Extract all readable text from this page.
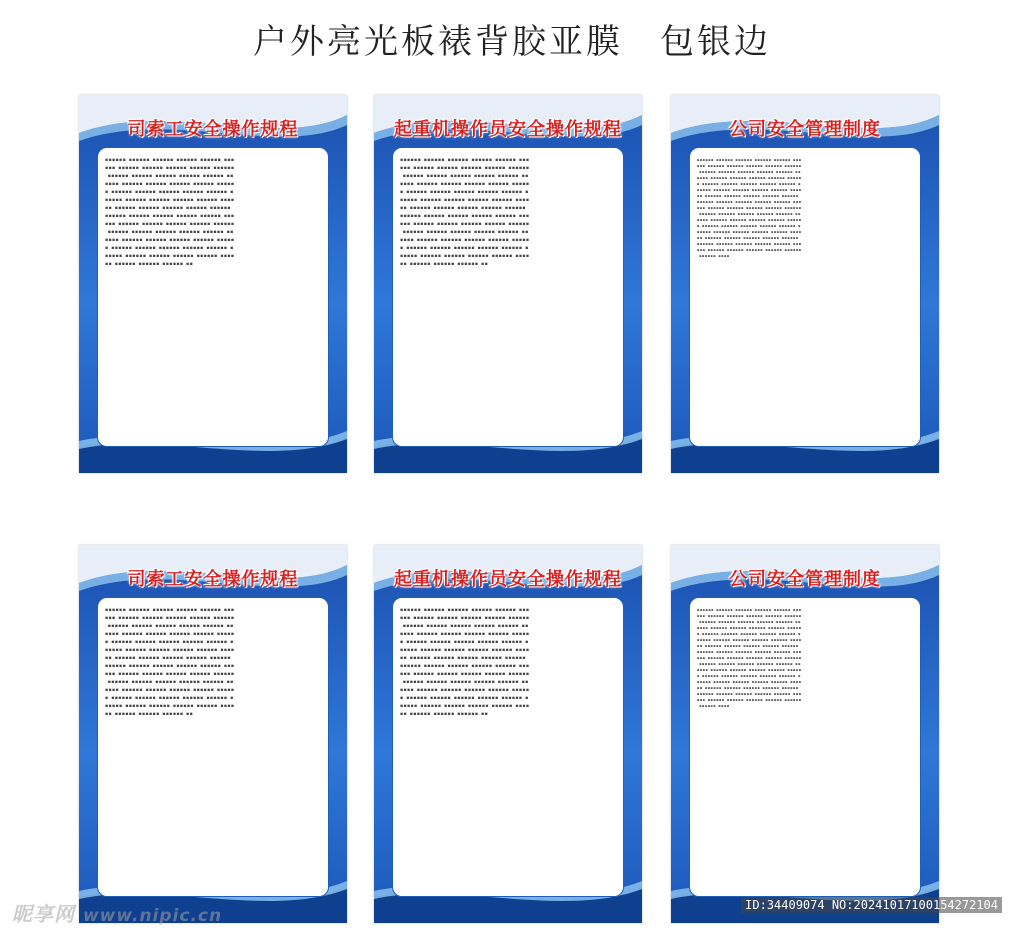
户外亮光板裱背胶亚膜　包银边
司索工安全操作规程
▪▪▪▪▪▪ ▪▪▪▪▪▪ ▪▪▪▪▪▪ ▪▪▪▪▪▪ ▪▪▪▪▪▪ ▪▪▪
▪▪▪ ▪▪▪▪▪▪ ▪▪▪▪▪▪ ▪▪▪▪▪▪ ▪▪▪▪▪▪ ▪▪▪▪▪▪
 ▪▪▪▪▪▪ ▪▪▪▪▪▪ ▪▪▪▪▪▪ ▪▪▪▪▪▪ ▪▪▪▪▪▪ ▪▪
▪▪▪▪ ▪▪▪▪▪▪ ▪▪▪▪▪▪ ▪▪▪▪▪▪ ▪▪▪▪▪▪ ▪▪▪▪▪
▪ ▪▪▪▪▪▪ ▪▪▪▪▪▪ ▪▪▪▪▪▪ ▪▪▪▪▪▪ ▪▪▪▪▪▪ ▪
▪▪▪▪▪ ▪▪▪▪▪▪ ▪▪▪▪▪▪ ▪▪▪▪▪▪ ▪▪▪▪▪▪ ▪▪▪▪
▪▪ ▪▪▪▪▪▪ ▪▪▪▪▪▪ ▪▪▪▪▪▪ ▪▪▪▪▪▪ ▪▪▪▪▪▪ 
▪▪▪▪▪▪ ▪▪▪▪▪▪ ▪▪▪▪▪▪ ▪▪▪▪▪▪ ▪▪▪▪▪▪ ▪▪▪
▪▪▪ ▪▪▪▪▪▪ ▪▪▪▪▪▪ ▪▪▪▪▪▪ ▪▪▪▪▪▪ ▪▪▪▪▪▪
 ▪▪▪▪▪▪ ▪▪▪▪▪▪ ▪▪▪▪▪▪ ▪▪▪▪▪▪ ▪▪▪▪▪▪ ▪▪
▪▪▪▪ ▪▪▪▪▪▪ ▪▪▪▪▪▪ ▪▪▪▪▪▪ ▪▪▪▪▪▪ ▪▪▪▪▪
▪ ▪▪▪▪▪▪ ▪▪▪▪▪▪ ▪▪▪▪▪▪ ▪▪▪▪▪▪ ▪▪▪▪▪▪ ▪
▪▪▪▪▪ ▪▪▪▪▪▪ ▪▪▪▪▪▪ ▪▪▪▪▪▪ ▪▪▪▪▪▪ ▪▪▪▪
▪▪ ▪▪▪▪▪▪ ▪▪▪▪▪▪ ▪▪▪▪▪▪ ▪▪
起重机操作员安全操作规程
▪▪▪▪▪▪ ▪▪▪▪▪▪ ▪▪▪▪▪▪ ▪▪▪▪▪▪ ▪▪▪▪▪▪ ▪▪▪
▪▪▪ ▪▪▪▪▪▪ ▪▪▪▪▪▪ ▪▪▪▪▪▪ ▪▪▪▪▪▪ ▪▪▪▪▪▪
 ▪▪▪▪▪▪ ▪▪▪▪▪▪ ▪▪▪▪▪▪ ▪▪▪▪▪▪ ▪▪▪▪▪▪ ▪▪
▪▪▪▪ ▪▪▪▪▪▪ ▪▪▪▪▪▪ ▪▪▪▪▪▪ ▪▪▪▪▪▪ ▪▪▪▪▪
▪ ▪▪▪▪▪▪ ▪▪▪▪▪▪ ▪▪▪▪▪▪ ▪▪▪▪▪▪ ▪▪▪▪▪▪ ▪
▪▪▪▪▪ ▪▪▪▪▪▪ ▪▪▪▪▪▪ ▪▪▪▪▪▪ ▪▪▪▪▪▪ ▪▪▪▪
▪▪ ▪▪▪▪▪▪ ▪▪▪▪▪▪ ▪▪▪▪▪▪ ▪▪▪▪▪▪ ▪▪▪▪▪▪ 
▪▪▪▪▪▪ ▪▪▪▪▪▪ ▪▪▪▪▪▪ ▪▪▪▪▪▪ ▪▪▪▪▪▪ ▪▪▪
▪▪▪ ▪▪▪▪▪▪ ▪▪▪▪▪▪ ▪▪▪▪▪▪ ▪▪▪▪▪▪ ▪▪▪▪▪▪
 ▪▪▪▪▪▪ ▪▪▪▪▪▪ ▪▪▪▪▪▪ ▪▪▪▪▪▪ ▪▪▪▪▪▪ ▪▪
▪▪▪▪ ▪▪▪▪▪▪ ▪▪▪▪▪▪ ▪▪▪▪▪▪ ▪▪▪▪▪▪ ▪▪▪▪▪
▪ ▪▪▪▪▪▪ ▪▪▪▪▪▪ ▪▪▪▪▪▪ ▪▪▪▪▪▪ ▪▪▪▪▪▪ ▪
▪▪▪▪▪ ▪▪▪▪▪▪ ▪▪▪▪▪▪ ▪▪▪▪▪▪ ▪▪▪▪▪▪ ▪▪▪▪
▪▪ ▪▪▪▪▪▪ ▪▪▪▪▪▪ ▪▪▪▪▪▪ ▪▪
公司安全管理制度
▪▪▪▪▪▪ ▪▪▪▪▪▪ ▪▪▪▪▪▪ ▪▪▪▪▪▪ ▪▪▪▪▪▪ ▪▪▪
▪▪▪ ▪▪▪▪▪▪ ▪▪▪▪▪▪ ▪▪▪▪▪▪ ▪▪▪▪▪▪ ▪▪▪▪▪▪
 ▪▪▪▪▪▪ ▪▪▪▪▪▪ ▪▪▪▪▪▪ ▪▪▪▪▪▪ ▪▪▪▪▪▪ ▪▪
▪▪▪▪ ▪▪▪▪▪▪ ▪▪▪▪▪▪ ▪▪▪▪▪▪ ▪▪▪▪▪▪ ▪▪▪▪▪
▪ ▪▪▪▪▪▪ ▪▪▪▪▪▪ ▪▪▪▪▪▪ ▪▪▪▪▪▪ ▪▪▪▪▪▪ ▪
▪▪▪▪▪ ▪▪▪▪▪▪ ▪▪▪▪▪▪ ▪▪▪▪▪▪ ▪▪▪▪▪▪ ▪▪▪▪
▪▪ ▪▪▪▪▪▪ ▪▪▪▪▪▪ ▪▪▪▪▪▪ ▪▪▪▪▪▪ ▪▪▪▪▪▪ 
▪▪▪▪▪▪ ▪▪▪▪▪▪ ▪▪▪▪▪▪ ▪▪▪▪▪▪ ▪▪▪▪▪▪ ▪▪▪
▪▪▪ ▪▪▪▪▪▪ ▪▪▪▪▪▪ ▪▪▪▪▪▪ ▪▪▪▪▪▪ ▪▪▪▪▪▪
 ▪▪▪▪▪▪ ▪▪▪▪▪▪ ▪▪▪▪▪▪ ▪▪▪▪▪▪ ▪▪▪▪▪▪ ▪▪
▪▪▪▪ ▪▪▪▪▪▪ ▪▪▪▪▪▪ ▪▪▪▪▪▪ ▪▪▪▪▪▪ ▪▪▪▪▪
▪ ▪▪▪▪▪▪ ▪▪▪▪▪▪ ▪▪▪▪▪▪ ▪▪▪▪▪▪ ▪▪▪▪▪▪ ▪
▪▪▪▪▪ ▪▪▪▪▪▪ ▪▪▪▪▪▪ ▪▪▪▪▪▪ ▪▪▪▪▪▪ ▪▪▪▪
▪▪ ▪▪▪▪▪▪ ▪▪▪▪▪▪ ▪▪▪▪▪▪ ▪▪▪▪▪▪ ▪▪▪▪▪▪ 
▪▪▪▪▪▪ ▪▪▪▪▪▪ ▪▪▪▪▪▪ ▪▪▪▪▪▪ ▪▪▪▪▪▪ ▪▪▪
▪▪▪ ▪▪▪▪▪▪ ▪▪▪▪▪▪ ▪▪▪▪▪▪ ▪▪▪▪▪▪ ▪▪▪▪▪▪
 ▪▪▪▪▪▪ ▪▪▪▪
司索工安全操作规程
▪▪▪▪▪▪ ▪▪▪▪▪▪ ▪▪▪▪▪▪ ▪▪▪▪▪▪ ▪▪▪▪▪▪ ▪▪▪
▪▪▪ ▪▪▪▪▪▪ ▪▪▪▪▪▪ ▪▪▪▪▪▪ ▪▪▪▪▪▪ ▪▪▪▪▪▪
 ▪▪▪▪▪▪ ▪▪▪▪▪▪ ▪▪▪▪▪▪ ▪▪▪▪▪▪ ▪▪▪▪▪▪ ▪▪
▪▪▪▪ ▪▪▪▪▪▪ ▪▪▪▪▪▪ ▪▪▪▪▪▪ ▪▪▪▪▪▪ ▪▪▪▪▪
▪ ▪▪▪▪▪▪ ▪▪▪▪▪▪ ▪▪▪▪▪▪ ▪▪▪▪▪▪ ▪▪▪▪▪▪ ▪
▪▪▪▪▪ ▪▪▪▪▪▪ ▪▪▪▪▪▪ ▪▪▪▪▪▪ ▪▪▪▪▪▪ ▪▪▪▪
▪▪ ▪▪▪▪▪▪ ▪▪▪▪▪▪ ▪▪▪▪▪▪ ▪▪▪▪▪▪ ▪▪▪▪▪▪ 
▪▪▪▪▪▪ ▪▪▪▪▪▪ ▪▪▪▪▪▪ ▪▪▪▪▪▪ ▪▪▪▪▪▪ ▪▪▪
▪▪▪ ▪▪▪▪▪▪ ▪▪▪▪▪▪ ▪▪▪▪▪▪ ▪▪▪▪▪▪ ▪▪▪▪▪▪
 ▪▪▪▪▪▪ ▪▪▪▪▪▪ ▪▪▪▪▪▪ ▪▪▪▪▪▪ ▪▪▪▪▪▪ ▪▪
▪▪▪▪ ▪▪▪▪▪▪ ▪▪▪▪▪▪ ▪▪▪▪▪▪ ▪▪▪▪▪▪ ▪▪▪▪▪
▪ ▪▪▪▪▪▪ ▪▪▪▪▪▪ ▪▪▪▪▪▪ ▪▪▪▪▪▪ ▪▪▪▪▪▪ ▪
▪▪▪▪▪ ▪▪▪▪▪▪ ▪▪▪▪▪▪ ▪▪▪▪▪▪ ▪▪▪▪▪▪ ▪▪▪▪
▪▪ ▪▪▪▪▪▪ ▪▪▪▪▪▪ ▪▪▪▪▪▪ ▪▪
起重机操作员安全操作规程
▪▪▪▪▪▪ ▪▪▪▪▪▪ ▪▪▪▪▪▪ ▪▪▪▪▪▪ ▪▪▪▪▪▪ ▪▪▪
▪▪▪ ▪▪▪▪▪▪ ▪▪▪▪▪▪ ▪▪▪▪▪▪ ▪▪▪▪▪▪ ▪▪▪▪▪▪
 ▪▪▪▪▪▪ ▪▪▪▪▪▪ ▪▪▪▪▪▪ ▪▪▪▪▪▪ ▪▪▪▪▪▪ ▪▪
▪▪▪▪ ▪▪▪▪▪▪ ▪▪▪▪▪▪ ▪▪▪▪▪▪ ▪▪▪▪▪▪ ▪▪▪▪▪
▪ ▪▪▪▪▪▪ ▪▪▪▪▪▪ ▪▪▪▪▪▪ ▪▪▪▪▪▪ ▪▪▪▪▪▪ ▪
▪▪▪▪▪ ▪▪▪▪▪▪ ▪▪▪▪▪▪ ▪▪▪▪▪▪ ▪▪▪▪▪▪ ▪▪▪▪
▪▪ ▪▪▪▪▪▪ ▪▪▪▪▪▪ ▪▪▪▪▪▪ ▪▪▪▪▪▪ ▪▪▪▪▪▪ 
▪▪▪▪▪▪ ▪▪▪▪▪▪ ▪▪▪▪▪▪ ▪▪▪▪▪▪ ▪▪▪▪▪▪ ▪▪▪
▪▪▪ ▪▪▪▪▪▪ ▪▪▪▪▪▪ ▪▪▪▪▪▪ ▪▪▪▪▪▪ ▪▪▪▪▪▪
 ▪▪▪▪▪▪ ▪▪▪▪▪▪ ▪▪▪▪▪▪ ▪▪▪▪▪▪ ▪▪▪▪▪▪ ▪▪
▪▪▪▪ ▪▪▪▪▪▪ ▪▪▪▪▪▪ ▪▪▪▪▪▪ ▪▪▪▪▪▪ ▪▪▪▪▪
▪ ▪▪▪▪▪▪ ▪▪▪▪▪▪ ▪▪▪▪▪▪ ▪▪▪▪▪▪ ▪▪▪▪▪▪ ▪
▪▪▪▪▪ ▪▪▪▪▪▪ ▪▪▪▪▪▪ ▪▪▪▪▪▪ ▪▪▪▪▪▪ ▪▪▪▪
▪▪ ▪▪▪▪▪▪ ▪▪▪▪▪▪ ▪▪▪▪▪▪ ▪▪
公司安全管理制度
▪▪▪▪▪▪ ▪▪▪▪▪▪ ▪▪▪▪▪▪ ▪▪▪▪▪▪ ▪▪▪▪▪▪ ▪▪▪
▪▪▪ ▪▪▪▪▪▪ ▪▪▪▪▪▪ ▪▪▪▪▪▪ ▪▪▪▪▪▪ ▪▪▪▪▪▪
 ▪▪▪▪▪▪ ▪▪▪▪▪▪ ▪▪▪▪▪▪ ▪▪▪▪▪▪ ▪▪▪▪▪▪ ▪▪
▪▪▪▪ ▪▪▪▪▪▪ ▪▪▪▪▪▪ ▪▪▪▪▪▪ ▪▪▪▪▪▪ ▪▪▪▪▪
▪ ▪▪▪▪▪▪ ▪▪▪▪▪▪ ▪▪▪▪▪▪ ▪▪▪▪▪▪ ▪▪▪▪▪▪ ▪
▪▪▪▪▪ ▪▪▪▪▪▪ ▪▪▪▪▪▪ ▪▪▪▪▪▪ ▪▪▪▪▪▪ ▪▪▪▪
▪▪ ▪▪▪▪▪▪ ▪▪▪▪▪▪ ▪▪▪▪▪▪ ▪▪▪▪▪▪ ▪▪▪▪▪▪ 
▪▪▪▪▪▪ ▪▪▪▪▪▪ ▪▪▪▪▪▪ ▪▪▪▪▪▪ ▪▪▪▪▪▪ ▪▪▪
▪▪▪ ▪▪▪▪▪▪ ▪▪▪▪▪▪ ▪▪▪▪▪▪ ▪▪▪▪▪▪ ▪▪▪▪▪▪
 ▪▪▪▪▪▪ ▪▪▪▪▪▪ ▪▪▪▪▪▪ ▪▪▪▪▪▪ ▪▪▪▪▪▪ ▪▪
▪▪▪▪ ▪▪▪▪▪▪ ▪▪▪▪▪▪ ▪▪▪▪▪▪ ▪▪▪▪▪▪ ▪▪▪▪▪
▪ ▪▪▪▪▪▪ ▪▪▪▪▪▪ ▪▪▪▪▪▪ ▪▪▪▪▪▪ ▪▪▪▪▪▪ ▪
▪▪▪▪▪ ▪▪▪▪▪▪ ▪▪▪▪▪▪ ▪▪▪▪▪▪ ▪▪▪▪▪▪ ▪▪▪▪
▪▪ ▪▪▪▪▪▪ ▪▪▪▪▪▪ ▪▪▪▪▪▪ ▪▪▪▪▪▪ ▪▪▪▪▪▪ 
▪▪▪▪▪▪ ▪▪▪▪▪▪ ▪▪▪▪▪▪ ▪▪▪▪▪▪ ▪▪▪▪▪▪ ▪▪▪
▪▪▪ ▪▪▪▪▪▪ ▪▪▪▪▪▪ ▪▪▪▪▪▪ ▪▪▪▪▪▪ ▪▪▪▪▪▪
 ▪▪▪▪▪▪ ▪▪▪▪
昵享网 www.nipic.cn
ID:34409074 NO:20241017100154272104
